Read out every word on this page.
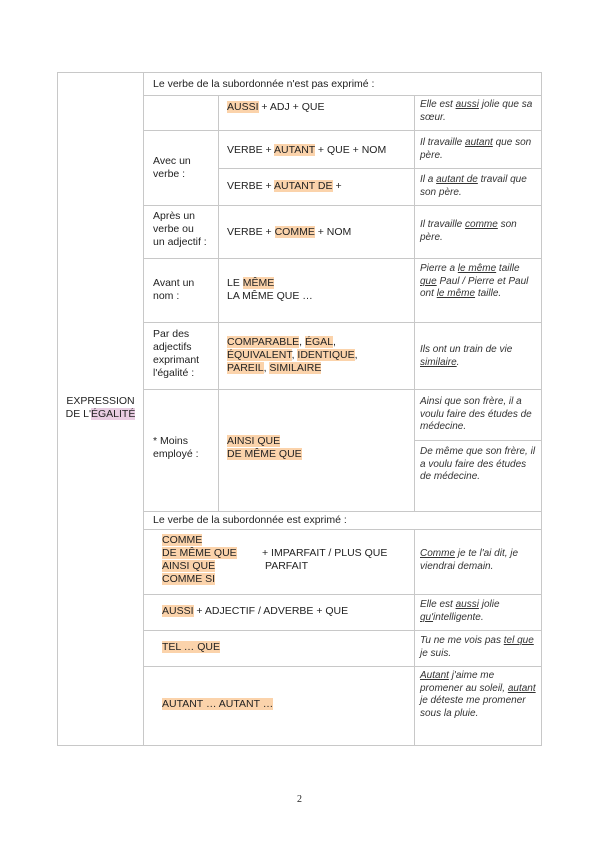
EXPRESSION
DE L'ÉGALITÉ
Le verbe de la subordonnée n'est pas exprimé :
AUSSI + ADJ + QUE	Elle est aussi jolie que sa sœur.
Avec un
verbe :
VERBE + AUTANT + QUE + NOM
Il travaille autant que son père.
VERBE + AUTANT DE +
Il a autant de travail que son père.
Après un
verbe ou
un adjectif :
VERBE + COMME + NOM
Il travaille comme son père.
Avant un
nom :
LE MÊME
LA MÊME QUE …
Pierre a le même taille que Paul / Pierre et Paul ont le même taille.
Par des
adjectifs
exprimant
l'égalité :
COMPARABLE, ÉGAL,
ÉQUIVALENT, IDENTIQUE,
PAREIL, SIMILAIRE
Ils ont un train de vie similaire.
* Moins
employé :
AINSI QUE
DE MÊME QUE
Ainsi que son frère, il a voulu faire des études de médecine.
De même que son frère, il a voulu faire des études de médecine.
Le verbe de la subordonnée est exprimé :
COMME
DE MÊME QUE
AINSI QUE
COMME SI
+ IMPARFAIT / PLUS QUE
PARFAIT
Comme je te l'ai dit, je viendrai demain.
AUSSI + ADJECTIF / ADVERBE + QUE
Elle est aussi jolie qu'intelligente.
TEL … QUE
Tu ne me vois pas tel que je suis.
AUTANT … AUTANT …
Autant j'aime me promener au soleil, autant je déteste me promener sous la pluie.
2
